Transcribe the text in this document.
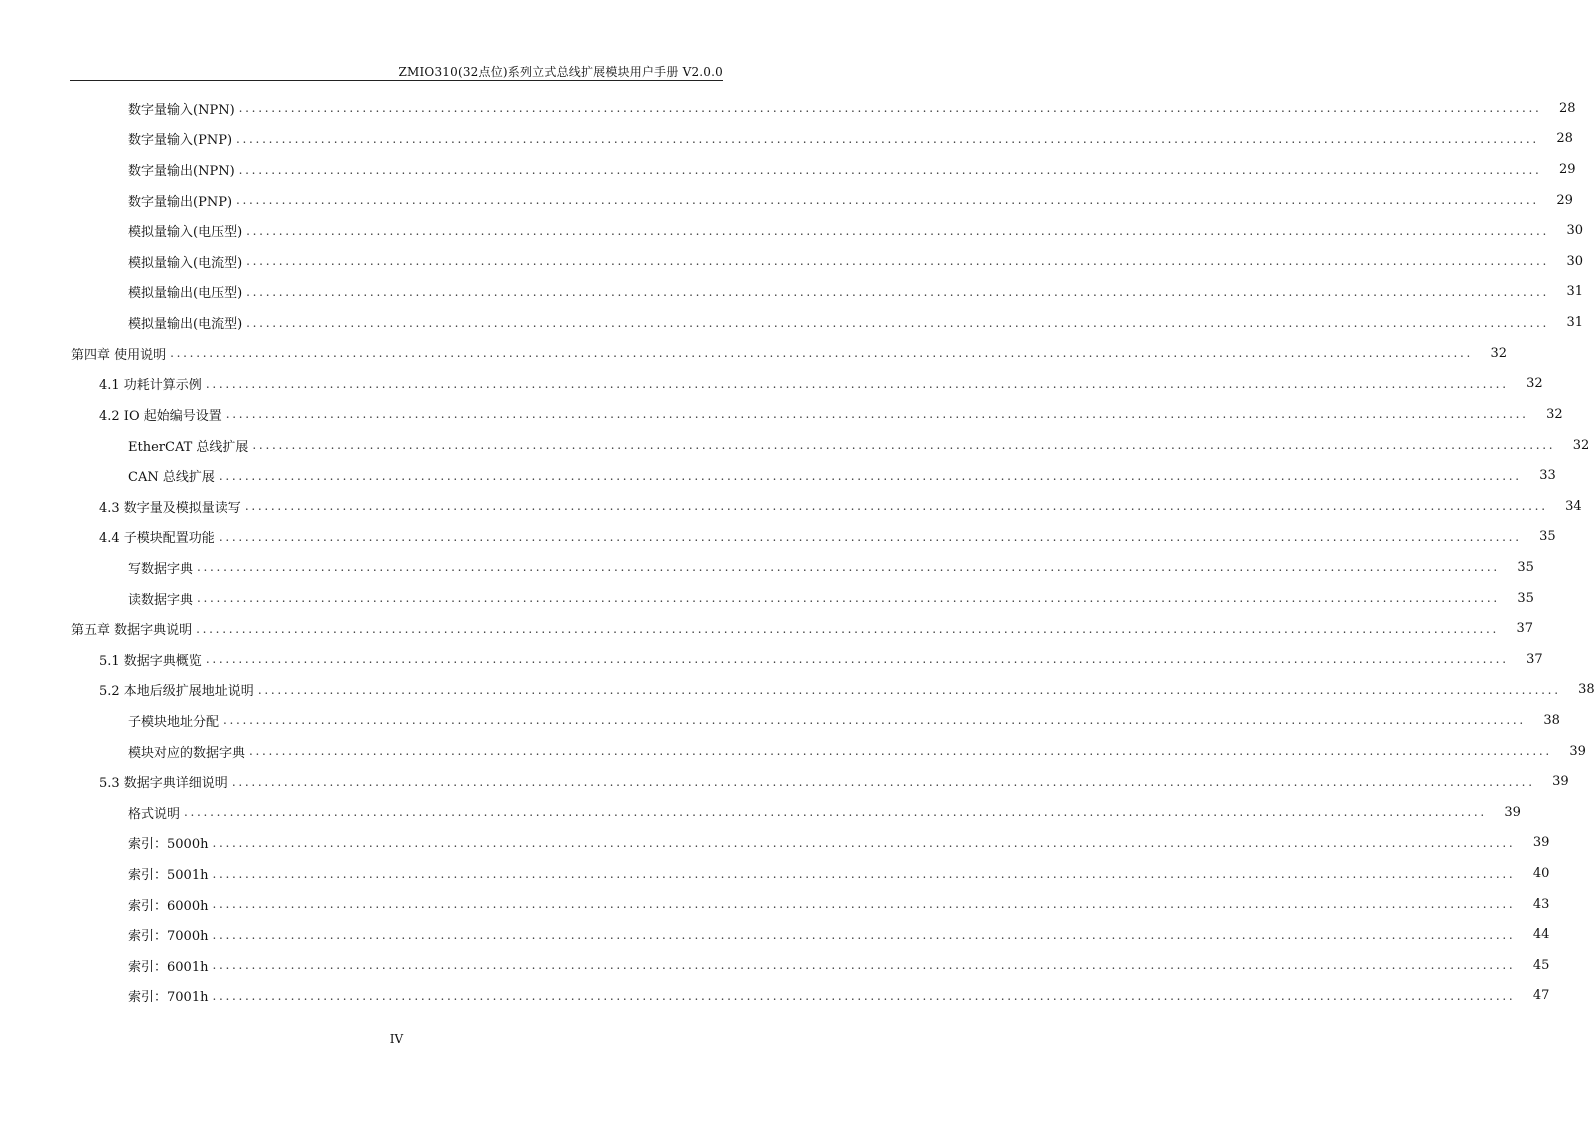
ZMIO310(32点位)系列立式总线扩展模块用户手册 V2.0.0
数字量输入(NPN) ........................................................................................................................................................................................................	28
数字量输入(PNP) ........................................................................................................................................................................................................	28
数字量输出(NPN) ........................................................................................................................................................................................................	29
数字量输出(PNP) ........................................................................................................................................................................................................	29
模拟量输入(电压型) ........................................................................................................................................................................................................	30
模拟量输入(电流型) ........................................................................................................................................................................................................	30
模拟量输出(电压型) ........................................................................................................................................................................................................	31
模拟量输出(电流型) ........................................................................................................................................................................................................	31
第四章 使用说明 ........................................................................................................................................................................................................	32
4.1 功耗计算示例 ........................................................................................................................................................................................................	32
4.2 IO 起始编号设置 ........................................................................................................................................................................................................	32
EtherCAT 总线扩展 ........................................................................................................................................................................................................	32
CAN 总线扩展 ........................................................................................................................................................................................................	33
4.3 数字量及模拟量读写 ........................................................................................................................................................................................................	34
4.4 子模块配置功能 ........................................................................................................................................................................................................	35
写数据字典 ........................................................................................................................................................................................................	35
读数据字典 ........................................................................................................................................................................................................	35
第五章 数据字典说明 ........................................................................................................................................................................................................	37
5.1 数据字典概览 ........................................................................................................................................................................................................	37
5.2 本地后级扩展地址说明 ........................................................................................................................................................................................................	38
子模块地址分配 ........................................................................................................................................................................................................	38
模块对应的数据字典 ........................................................................................................................................................................................................	39
5.3 数据字典详细说明 ........................................................................................................................................................................................................	39
格式说明 ........................................................................................................................................................................................................	39
索引：5000h ........................................................................................................................................................................................................	39
索引：5001h ........................................................................................................................................................................................................	40
索引：6000h ........................................................................................................................................................................................................	43
索引：7000h ........................................................................................................................................................................................................	44
索引：6001h ........................................................................................................................................................................................................	45
索引：7001h ........................................................................................................................................................................................................	47
IV
